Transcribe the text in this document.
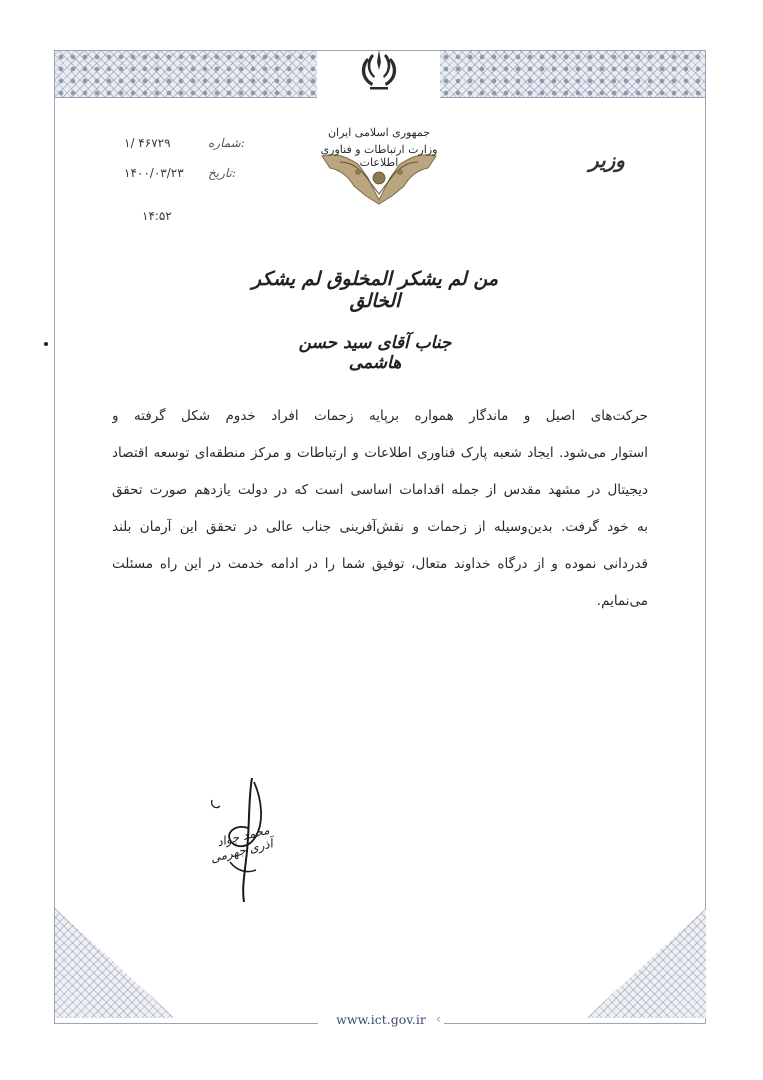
جمهوری اسلامی ایران
وزارت ارتباطات و فناوری اطلاعات
شماره:
۱/ ۴۶۷۲۹
تاریخ:
۱۴۰۰/۰۳/۲۳
۱۴:۵۲
وزیر
من لم یشکر المخلوق لم یشکر الخالق
جناب آقای سید حسن هاشمی
حرکت‌های اصیل و ماندگار همواره برپایه زحمات افراد خدوم شکل گرفته و
استوار می‌شود. ایجاد شعبه پارک فناوری اطلاعات و ارتباطات و مرکز منطقه‌ای توسعه اقتصاد
دیجیتال در مشهد مقدس از جمله اقدامات اساسی است که در دولت یازدهم صورت تحقق
به خود گرفت. بدین‌وسیله از زحمات و نقش‌آفرینی جناب عالی در تحقق این آرمان بلند
قدردانی نموده و از درگاه خداوند متعال، توفیق شما را در ادامه خدمت در این راه مسئلت
می‌نمایم.
محمد جواد آذری جهرمی
www.ict.gov.ir ‹
